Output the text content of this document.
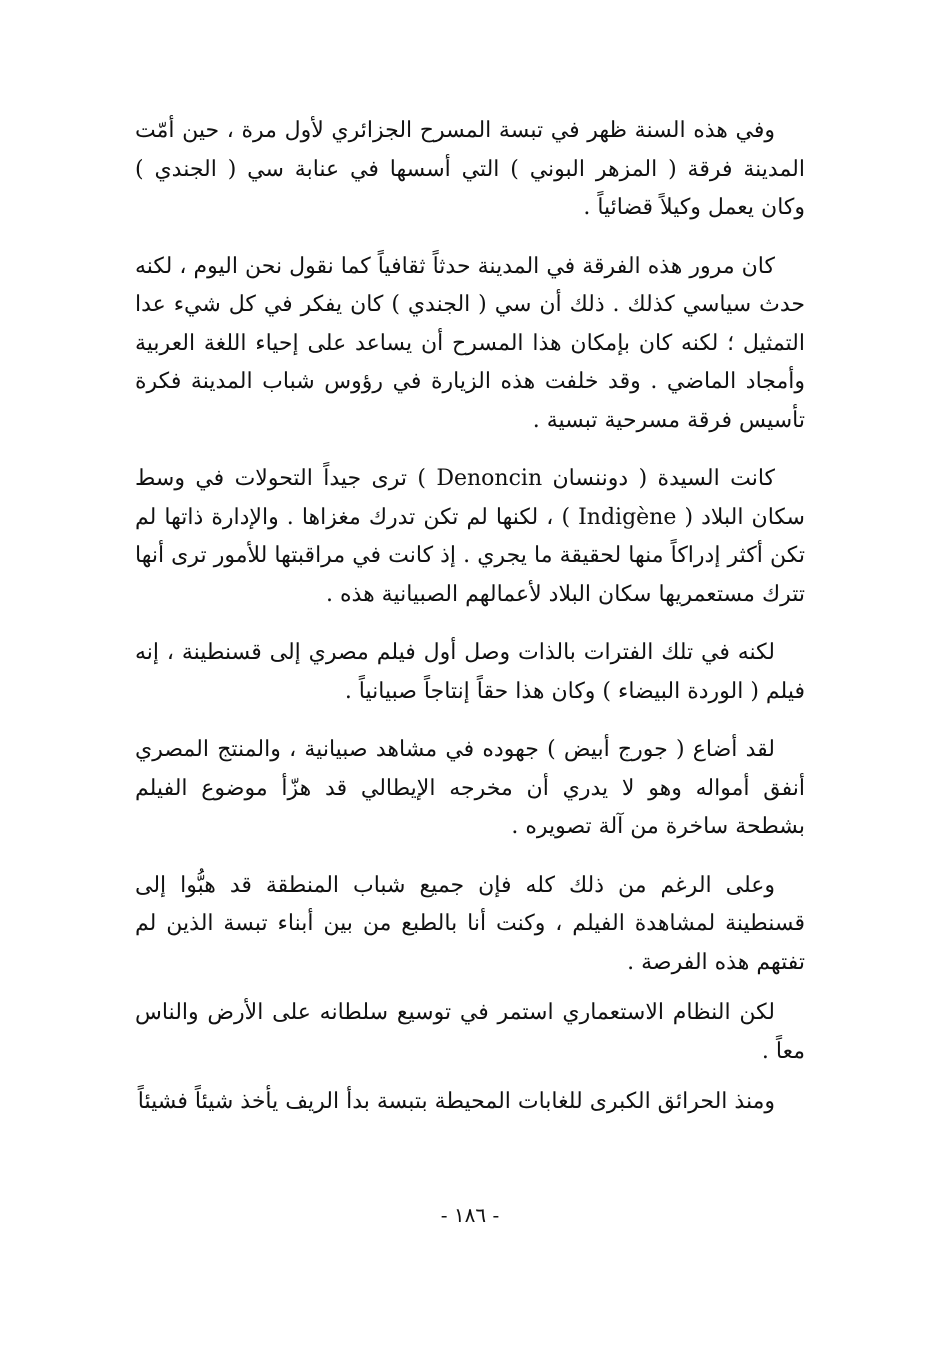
وفي هذه السنة ظهر في تبسة المسرح الجزائري لأول مرة ، حين أمّت المدينة فرقة ( المزهر البوني ) التي أسسها في عنابة سي ( الجندي ) وكان يعمل وكيلاً قضائياً .

كان مرور هذه الفرقة في المدينة حدثاً ثقافياً كما نقول نحن اليوم ، لكنه حدث سياسي كذلك . ذلك أن سي ( الجندي ) كان يفكر في كل شيء عدا التمثيل ؛ لكنه كان بإمكان هذا المسرح أن يساعد على إحياء اللغة العربية وأمجاد الماضي . وقد خلفت هذه الزيارة في رؤوس شباب المدينة فكرة تأسيس فرقة مسرحية تبسية .

كانت السيدة ( دوننسان Denoncin ) ترى جيداً التحولات في وسط سكان البلاد ( Indigène ) ، لكنها لم تكن تدرك مغزاها . والإدارة ذاتها لم تكن أكثر إدراكاً منها لحقيقة ما يجري . إذ كانت في مراقبتها للأمور ترى أنها تترك مستعمريها سكان البلاد لأعمالهم الصبيانية هذه .

لكنه في تلك الفترات بالذات وصل أول فيلم مصري إلى قسنطينة ، إنه فيلم ( الوردة البيضاء ) وكان هذا حقاً إنتاجاً صبيانياً .

لقد أضاع ( جورج أبيض ) جهوده في مشاهد صبيانية ، والمنتج المصري أنفق أمواله وهو لا يدري أن مخرجه الإيطالي قد هزّأ موضوع الفيلم بشطحة ساخرة من آلة تصويره .

وعلى الرغم من ذلك كله فإن جميع شباب المنطقة قد هبُّوا إلى قسنطينة لمشاهدة الفيلم ، وكنت أنا بالطبع من بين أبناء تبسة الذين لم تفتهم هذه الفرصة .

لكن النظام الاستعماري استمر في توسيع سلطانه على الأرض والناس معاً .

ومنذ الحرائق الكبرى للغابات المحيطة بتبسة بدأ الريف يأخذ شيئاً فشيئاً

- ١٨٦ -
